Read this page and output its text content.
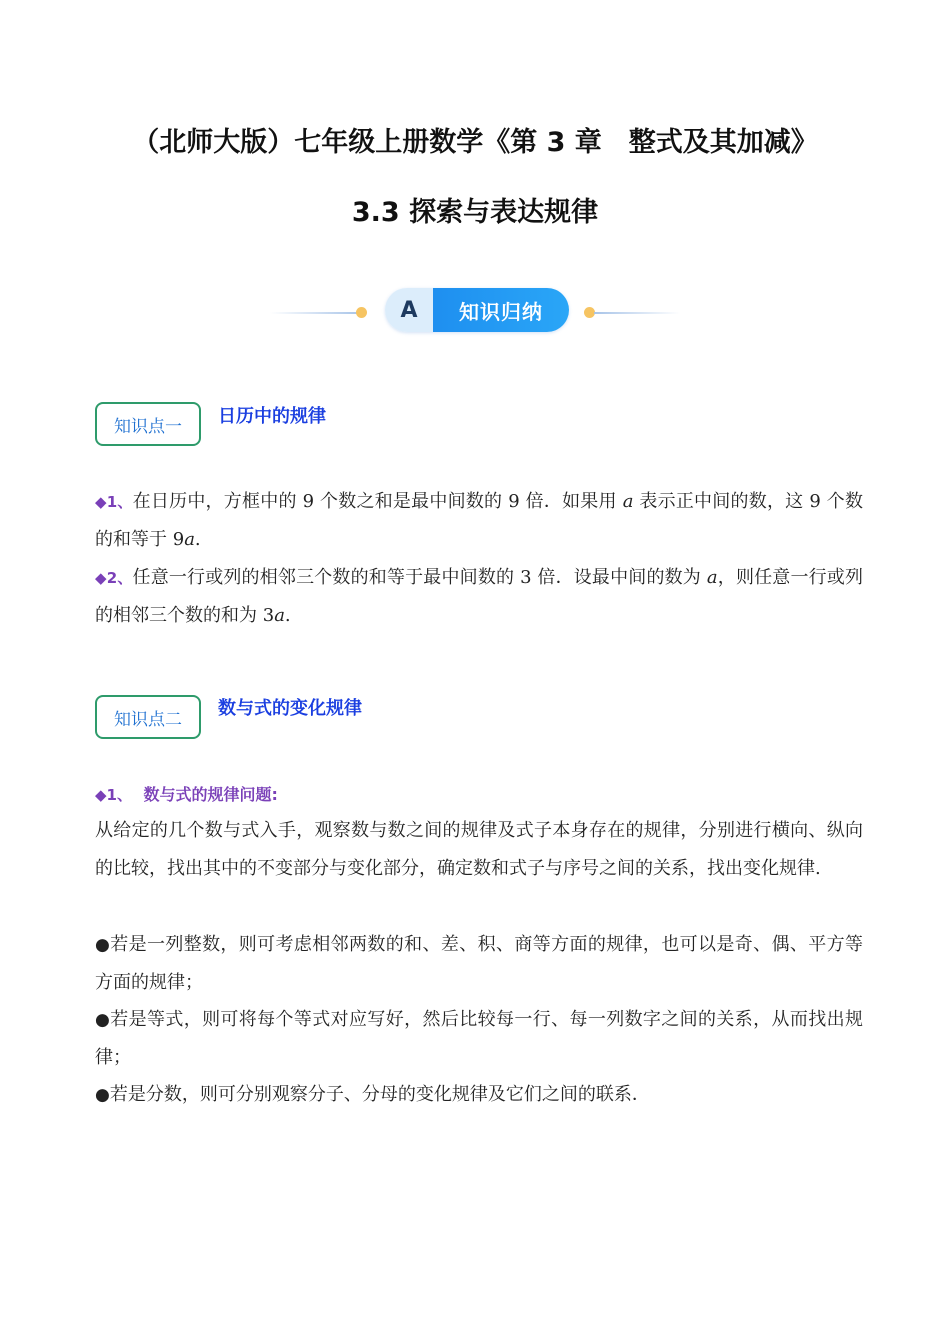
（北师大版）七年级上册数学《第 3 章　整式及其加减》
3.3 探索与表达规律
A	知识归纳
知识点一	日历中的规律
◆1、在日历中，方框中的 9 个数之和是最中间数的 9 倍．如果用 a 表示正中间的数，这 9 个数的和等于 9a.
◆2、任意一行或列的相邻三个数的和等于最中间数的 3 倍．设最中间的数为 a，则任意一行或列的相邻三个数的和为 3a.
知识点二
数与式的变化规律
◆1、 数与式的规律问题:
从给定的几个数与式入手，观察数与数之间的规律及式子本身存在的规律，分别进行横向、纵向的比较，找出其中的不变部分与变化部分，确定数和式子与序号之间的关系，找出变化规律.
●若是一列整数，则可考虑相邻两数的和、差、积、商等方面的规律，也可以是奇、偶、平方等方面的规律；
●若是等式，则可将每个等式对应写好，然后比较每一行、每一列数字之间的关系，从而找出规律；
●若是分数，则可分别观察分子、分母的变化规律及它们之间的联系．
